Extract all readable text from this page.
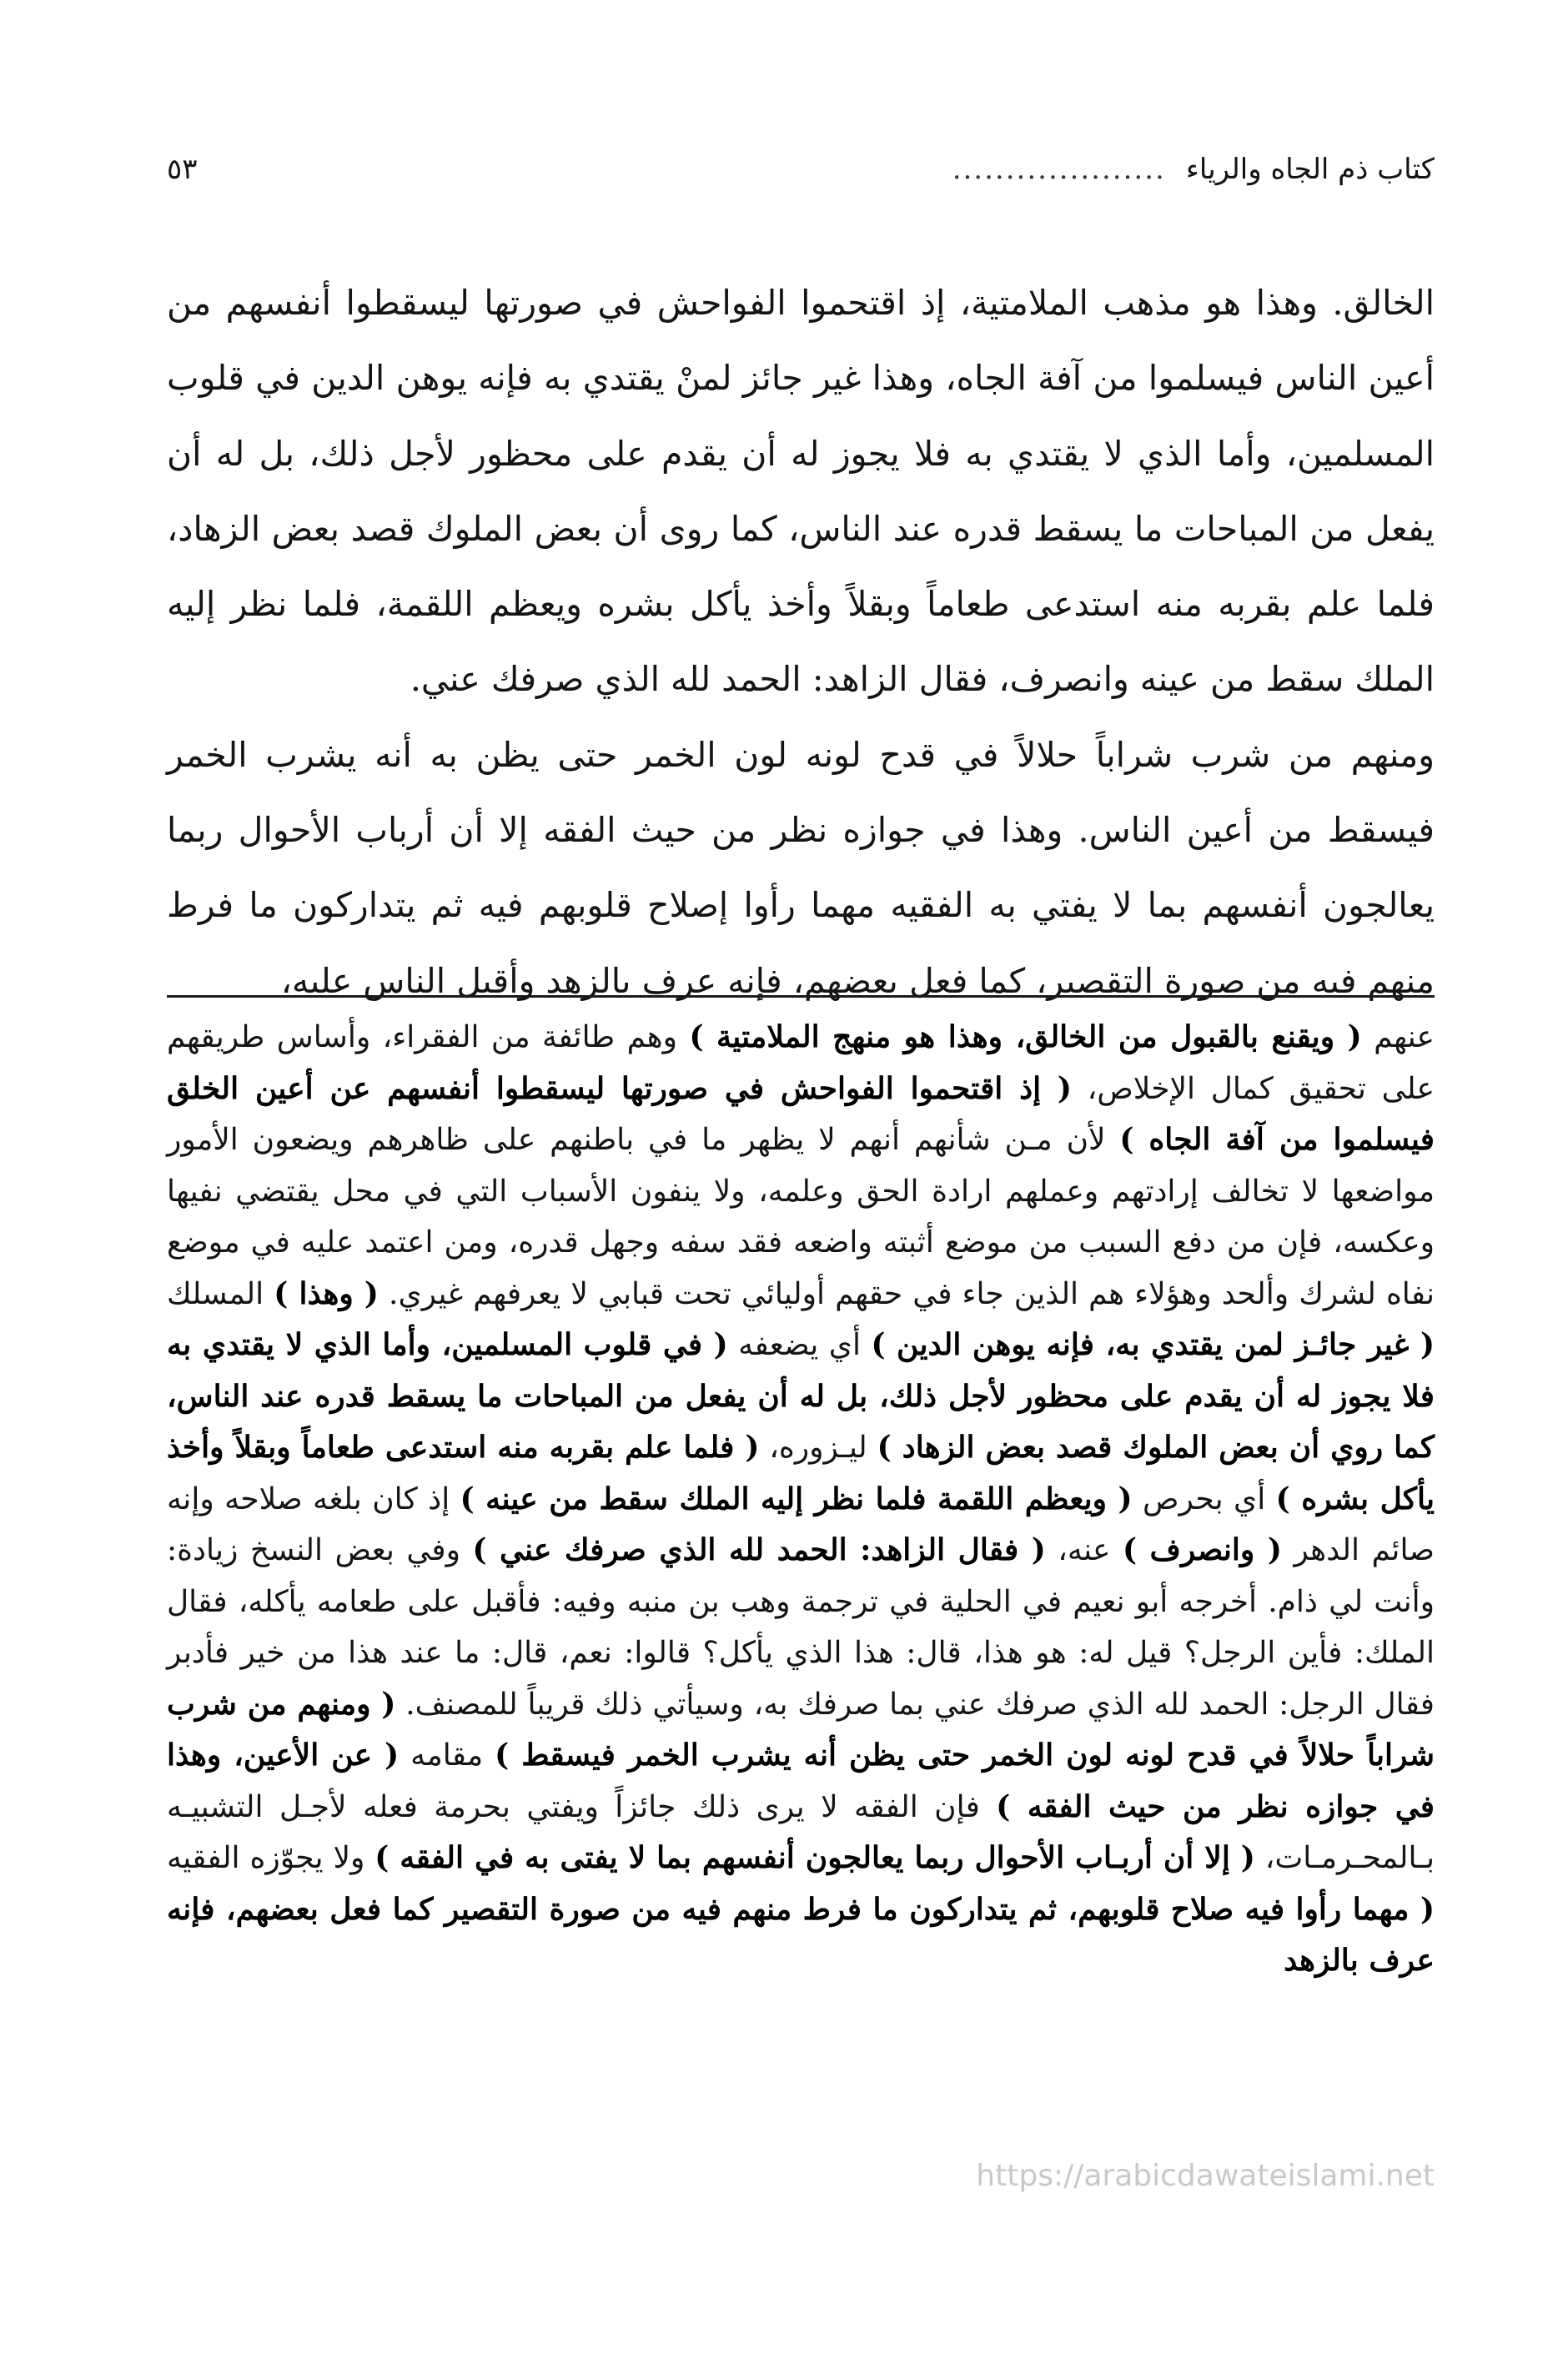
كتاب ذم الجاه والرياء
....................
٥٣

الخالق. وهذا هو مذهب الملامتية، إذ اقتحموا الفواحش في صورتها ليسقطوا أنفسهم من أعين الناس فيسلموا من آفة الجاه، وهذا غير جائز لمنْ يقتدي به فإنه يوهن الدين في قلوب المسلمين، وأما الذي لا يقتدي به فلا يجوز له أن يقدم على محظور لأجل ذلك، بل له أن يفعل من المباحات ما يسقط قدره عند الناس، كما روى أن بعض الملوك قصد بعض الزهاد، فلما علم بقربه منه استدعى طعاماً وبقلاً وأخذ يأكل بشره ويعظم اللقمة، فلما نظر إليه الملك سقط من عينه وانصرف، فقال الزاهد: الحمد لله الذي صرفك عني.

ومنهم من شرب شراباً حلالاً في قدح لونه لون الخمر حتى يظن به أنه يشرب الخمر فيسقط من أعين الناس. وهذا في جوازه نظر من حيث الفقه إلا أن أرباب الأحوال ربما يعالجون أنفسهم بما لا يفتي به الفقيه مهما رأوا إصلاح قلوبهم فيه ثم يتداركون ما فرط منهم فيه من صورة التقصير، كما فعل بعضهم، فإنه عرف بالزهد وأقبل الناس عليه،

عنهم ( ويقنع بالقبول من الخالق، وهذا هو منهج الملامتية ) وهم طائفة من الفقراء، وأساس طريقهم على تحقيق كمال الإخلاص، ( إذ اقتحموا الفواحش في صورتها ليسقطوا أنفسهم عن أعين الخلق فيسلموا من آفة الجاه ) لأن مـن شأنهم أنهم لا يظهر ما في باطنهم على ظاهرهم ويضعون الأمور مواضعها لا تخالف إرادتهم وعملهم ارادة الحق وعلمه، ولا ينفون الأسباب التي في محل يقتضي نفيها وعكسه، فإن من دفع السبب من موضع أثبته واضعه فقد سفه وجهل قدره، ومن اعتمد عليه في موضع نفاه لشرك وألحد وهؤلاء هم الذين جاء في حقهم أوليائي تحت قبابي لا يعرفهم غيري. ( وهذا ) المسلك ( غير جائـز لمن يقتدي به، فإنه يوهن الدين ) أي يضعفه ( في قلوب المسلمين، وأما الذي لا يقتدي به فلا يجوز له أن يقدم على محظور لأجل ذلك، بل له أن يفعل من المباحات ما يسقط قدره عند الناس، كما روي أن بعض الملوك قصد بعض الزهاد ) ليـزوره، ( فلما علم بقربه منه استدعى طعاماً وبقلاً وأخذ يأكل بشره ) أي بحرص ( ويعظم اللقمة فلما نظر إليه الملك سقط من عينه ) إذ كان بلغه صلاحه وإنه صائم الدهر ( وانصرف ) عنه، ( فقال الزاهد: الحمد لله الذي صرفك عني ) وفي بعض النسخ زيادة: وأنت لي ذام. أخرجه أبو نعيم في الحلية في ترجمة وهب بن منبه وفيه: فأقبل على طعامه يأكله، فقال الملك: فأين الرجل؟ قيل له: هو هذا، قال: هذا الذي يأكل؟ قالوا: نعم، قال: ما عند هذا من خير فأدبر فقال الرجل: الحمد لله الذي صرفك عني بما صرفك به، وسيأتي ذلك قريباً للمصنف. ( ومنهم من شرب شراباً حلالاً في قدح لونه لون الخمر حتى يظن أنه يشرب الخمر فيسقط ) مقامه ( عن الأعين، وهذا في جوازه نظر من حيث الفقه ) فإن الفقه لا يرى ذلك جائزاً ويفتي بحرمة فعله لأجـل التشبيـه بـالمحـرمـات، ( إلا أن أربـاب الأحوال ربما يعالجون أنفسهم بما لا يفتى به في الفقه ) ولا يجوّزه الفقيه ( مهما رأوا فيه صلاح قلوبهم، ثم يتداركون ما فرط منهم فيه من صورة التقصير كما فعل بعضهم، فإنه عرف بالزهد

https://arabicdawateislami.net
